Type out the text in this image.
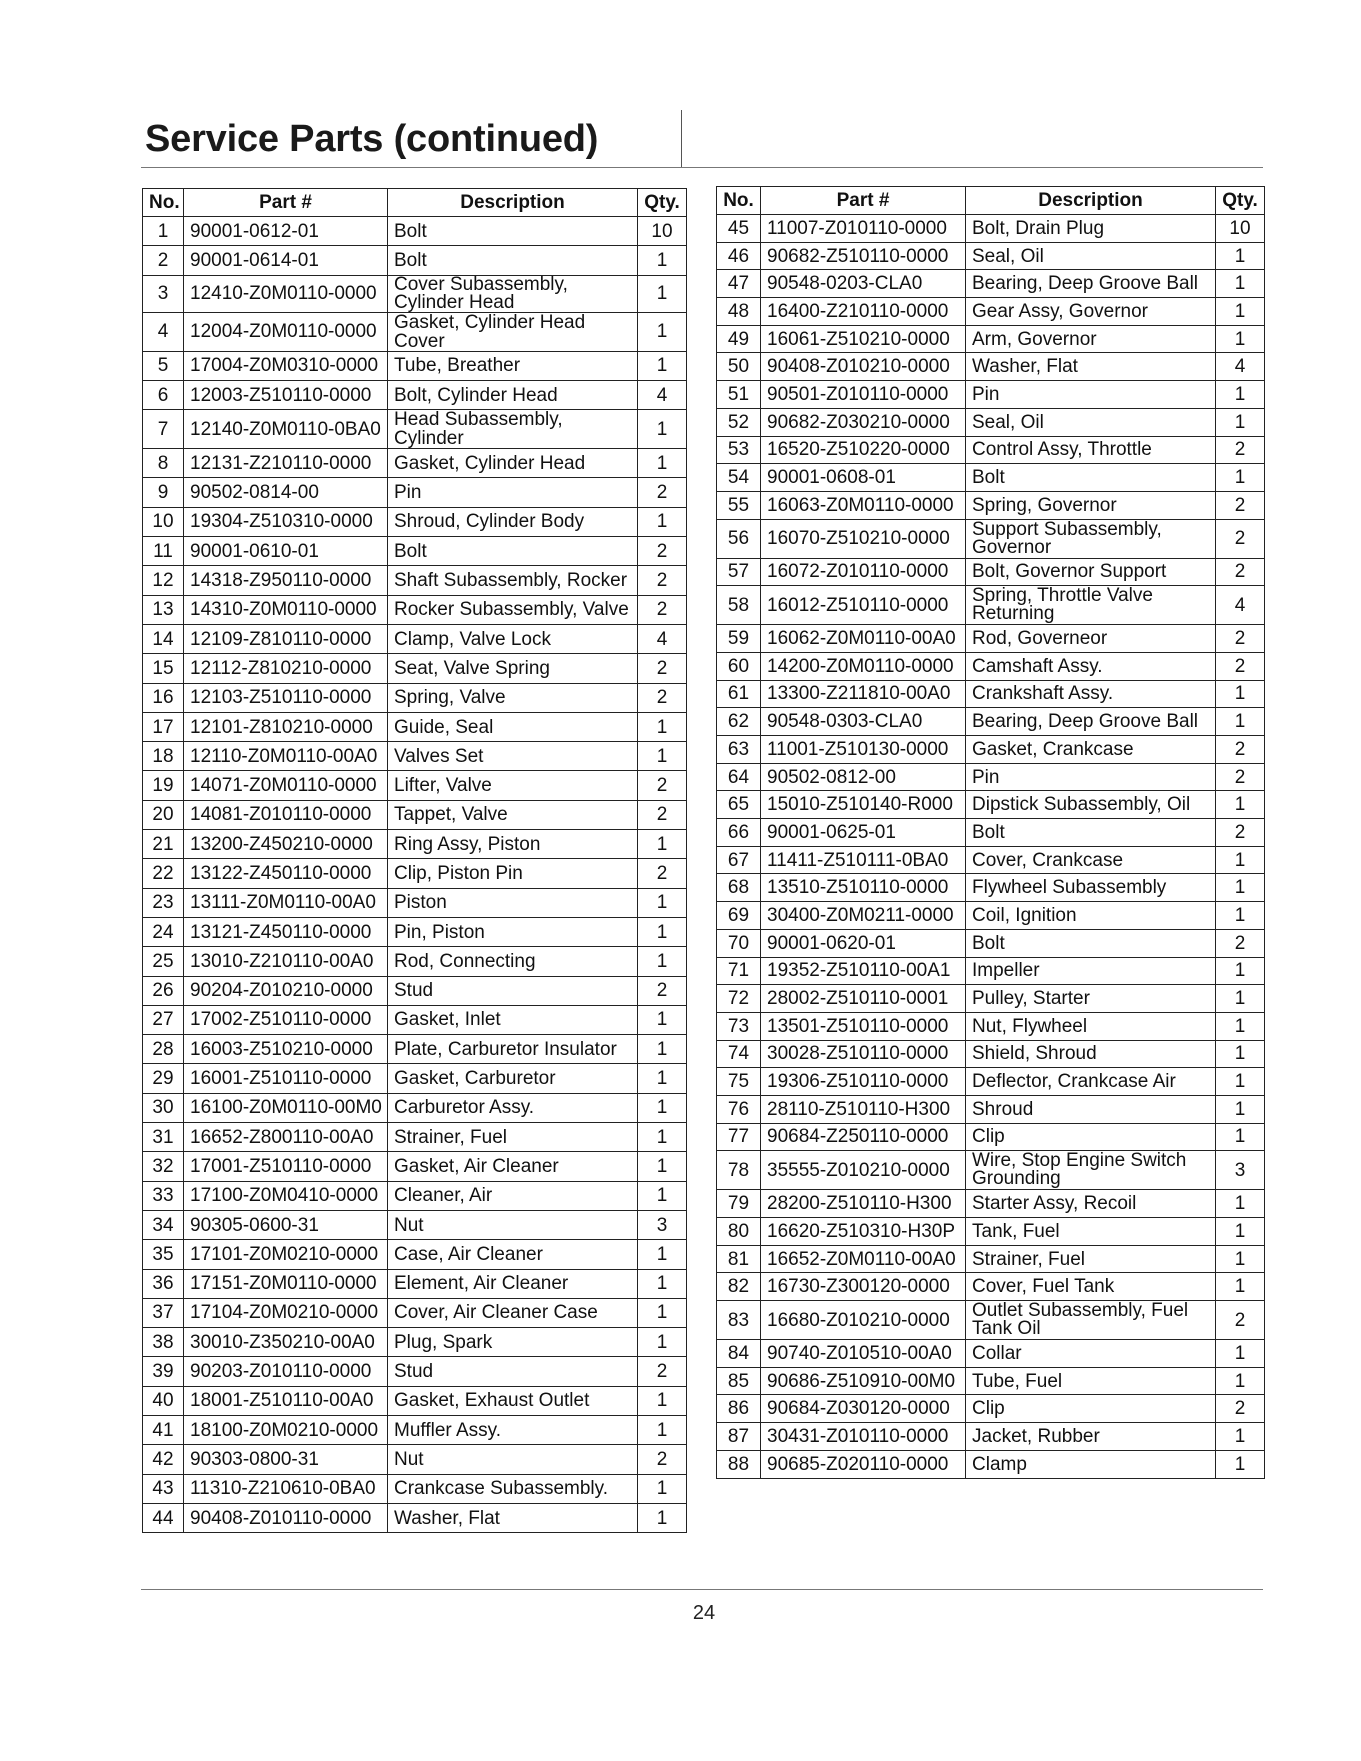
Service Parts (continued)
No.	Part #	Description	Qty.
1	90001-0612-01	Bolt	10
2	90001-0614-01	Bolt	1
3	12410-Z0M0110-0000	Cover Subassembly, Cylinder Head	1
4	12004-Z0M0110-0000	Gasket, Cylinder Head Cover	1
5	17004-Z0M0310-0000	Tube, Breather	1
6	12003-Z510110-0000	Bolt, Cylinder Head	4
7	12140-Z0M0110-0BA0	Head Subassembly, Cylinder	1
8	12131-Z210110-0000	Gasket, Cylinder Head	1
9	90502-0814-00	Pin	2
10	19304-Z510310-0000	Shroud, Cylinder Body	1
11	90001-0610-01	Bolt	2
12	14318-Z950110-0000	Shaft Subassembly, Rocker	2
13	14310-Z0M0110-0000	Rocker Subassembly, Valve	2
14	12109-Z810110-0000	Clamp, Valve Lock	4
15	12112-Z810210-0000	Seat, Valve Spring	2
16	12103-Z510110-0000	Spring, Valve	2
17	12101-Z810210-0000	Guide, Seal	1
18	12110-Z0M0110-00A0	Valves Set	1
19	14071-Z0M0110-0000	Lifter, Valve	2
20	14081-Z010110-0000	Tappet, Valve	2
21	13200-Z450210-0000	Ring Assy, Piston	1
22	13122-Z450110-0000	Clip, Piston Pin	2
23	13111-Z0M0110-00A0	Piston	1
24	13121-Z450110-0000	Pin, Piston	1
25	13010-Z210110-00A0	Rod, Connecting	1
26	90204-Z010210-0000	Stud	2
27	17002-Z510110-0000	Gasket, Inlet	1
28	16003-Z510210-0000	Plate, Carburetor Insulator	1
29	16001-Z510110-0000	Gasket, Carburetor	1
30	16100-Z0M0110-00M0	Carburetor Assy.	1
31	16652-Z800110-00A0	Strainer, Fuel	1
32	17001-Z510110-0000	Gasket, Air Cleaner	1
33	17100-Z0M0410-0000	Cleaner, Air	1
34	90305-0600-31	Nut	3
35	17101-Z0M0210-0000	Case, Air Cleaner	1
36	17151-Z0M0110-0000	Element, Air Cleaner	1
37	17104-Z0M0210-0000	Cover, Air Cleaner Case	1
38	30010-Z350210-00A0	Plug, Spark	1
39	90203-Z010110-0000	Stud	2
40	18001-Z510110-00A0	Gasket, Exhaust Outlet	1
41	18100-Z0M0210-0000	Muffler Assy.	1
42	90303-0800-31	Nut	2
43	11310-Z210610-0BA0	Crankcase Subassembly.	1
44	90408-Z010110-0000	Washer, Flat	1
No.	Part #	Description	Qty.
45	11007-Z010110-0000	Bolt, Drain Plug	10
46	90682-Z510110-0000	Seal, Oil	1
47	90548-0203-CLA0	Bearing, Deep Groove Ball	1
48	16400-Z210110-0000	Gear Assy, Governor	1
49	16061-Z510210-0000	Arm, Governor	1
50	90408-Z010210-0000	Washer, Flat	4
51	90501-Z010110-0000	Pin	1
52	90682-Z030210-0000	Seal, Oil	1
53	16520-Z510220-0000	Control Assy, Throttle	2
54	90001-0608-01	Bolt	1
55	16063-Z0M0110-0000	Spring, Governor	2
56	16070-Z510210-0000	Support Subassembly, Governor	2
57	16072-Z010110-0000	Bolt, Governor Support	2
58	16012-Z510110-0000	Spring, Throttle Valve Returning	4
59	16062-Z0M0110-00A0	Rod, Governeor	2
60	14200-Z0M0110-0000	Camshaft Assy.	2
61	13300-Z211810-00A0	Crankshaft Assy.	1
62	90548-0303-CLA0	Bearing, Deep Groove Ball	1
63	11001-Z510130-0000	Gasket, Crankcase	2
64	90502-0812-00	Pin	2
65	15010-Z510140-R000	Dipstick Subassembly, Oil	1
66	90001-0625-01	Bolt	2
67	11411-Z510111-0BA0	Cover, Crankcase	1
68	13510-Z510110-0000	Flywheel Subassembly	1
69	30400-Z0M0211-0000	Coil, Ignition	1
70	90001-0620-01	Bolt	2
71	19352-Z510110-00A1	Impeller	1
72	28002-Z510110-0001	Pulley, Starter	1
73	13501-Z510110-0000	Nut, Flywheel	1
74	30028-Z510110-0000	Shield, Shroud	1
75	19306-Z510110-0000	Deflector, Crankcase Air	1
76	28110-Z510110-H300	Shroud	1
77	90684-Z250110-0000	Clip	1
78	35555-Z010210-0000	Wire, Stop Engine Switch Grounding	3
79	28200-Z510110-H300	Starter Assy, Recoil	1
80	16620-Z510310-H30P	Tank, Fuel	1
81	16652-Z0M0110-00A0	Strainer, Fuel	1
82	16730-Z300120-0000	Cover, Fuel Tank	1
83	16680-Z010210-0000	Outlet Subassembly, Fuel Tank Oil	2
84	90740-Z010510-00A0	Collar	1
85	90686-Z510910-00M0	Tube, Fuel	1
86	90684-Z030120-0000	Clip	2
87	30431-Z010110-0000	Jacket, Rubber	1
88	90685-Z020110-0000	Clamp	1
24
